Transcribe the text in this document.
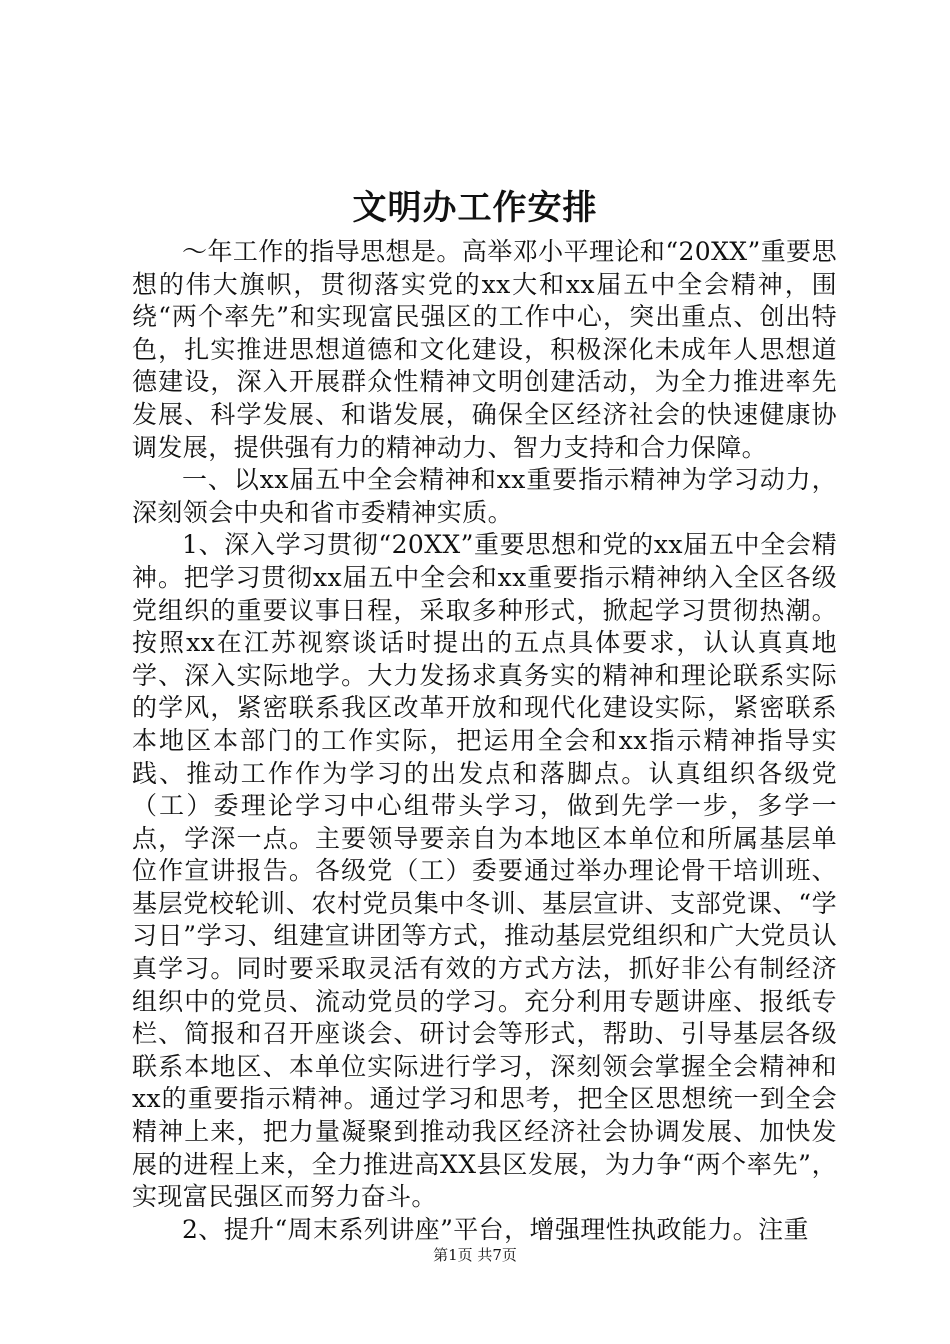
文明办工作安排

～年工作的指导思想是。高举邓小平理论和“20XX”重要思想的伟大旗帜，贯彻落实党的xx大和xx届五中全会精神，围绕“两个率先”和实现富民强区的工作中心，突出重点、创出特色，扎实推进思想道德和文化建设，积极深化未成年人思想道德建设，深入开展群众性精神文明创建活动，为全力推进率先发展、科学发展、和谐发展，确保全区经济社会的快速健康协调发展，提供强有力的精神动力、智力支持和合力保障。

一、以xx届五中全会精神和xx重要指示精神为学习动力，深刻领会中央和省市委精神实质。

1、深入学习贯彻“20XX”重要思想和党的xx届五中全会精神。把学习贯彻xx届五中全会和xx重要指示精神纳入全区各级党组织的重要议事日程，采取多种形式，掀起学习贯彻热潮。按照xx在江苏视察谈话时提出的五点具体要求，认认真真地学、深入实际地学。大力发扬求真务实的精神和理论联系实际的学风，紧密联系我区改革开放和现代化建设实际，紧密联系本地区本部门的工作实际，把运用全会和xx指示精神指导实践、推动工作作为学习的出发点和落脚点。认真组织各级党（工）委理论学习中心组带头学习，做到先学一步，多学一点，学深一点。主要领导要亲自为本地区本单位和所属基层单位作宣讲报告。各级党（工）委要通过举办理论骨干培训班、基层党校轮训、农村党员集中冬训、基层宣讲、支部党课、“学习日”学习、组建宣讲团等方式，推动基层党组织和广大党员认真学习。同时要采取灵活有效的方式方法，抓好非公有制经济组织中的党员、流动党员的学习。充分利用专题讲座、报纸专栏、简报和召开座谈会、研讨会等形式，帮助、引导基层各级联系本地区、本单位实际进行学习，深刻领会掌握全会精神和xx的重要指示精神。通过学习和思考，把全区思想统一到全会精神上来，把力量凝聚到推动我区经济社会协调发展、加快发展的进程上来，全力推进高XX县区发展，为力争“两个率先”，实现富民强区而努力奋斗。

2、提升“周末系列讲座”平台，增强理性执政能力。注重

第1页 共7页
